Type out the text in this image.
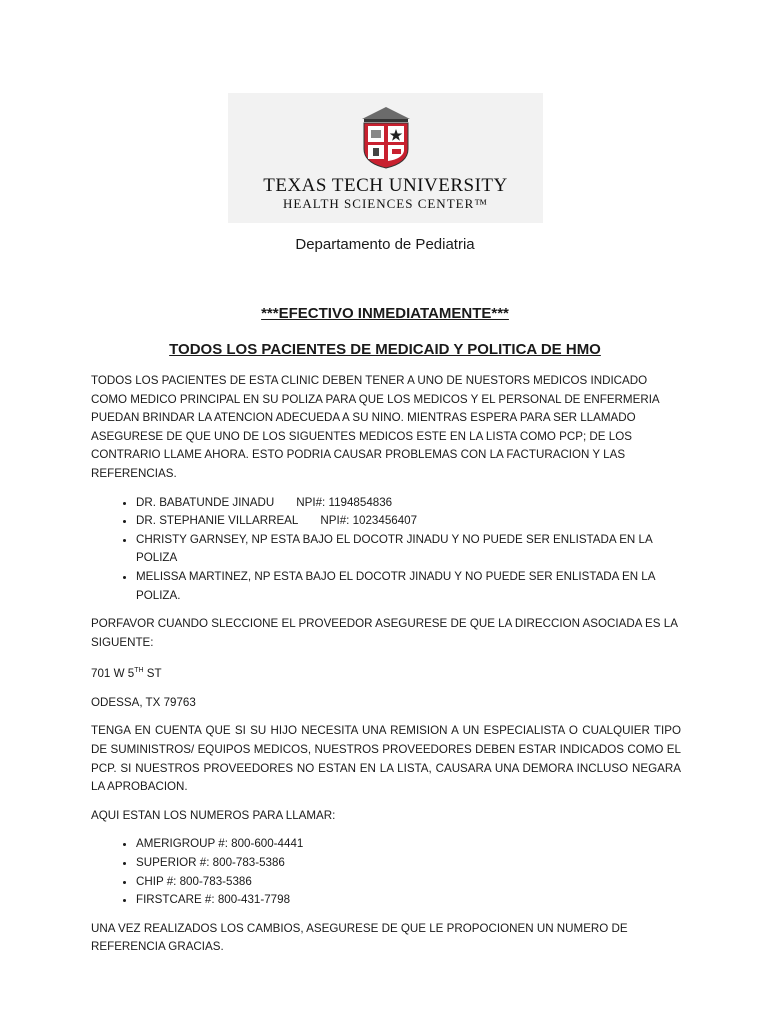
TEXAS TECH UNIVERSITY
HEALTH SCIENCES CENTER™
Departamento de Pediatria
***EFECTIVO INMEDIATAMENTE***
TODOS LOS PACIENTES DE MEDICAID Y POLITICA DE HMO

TODOS LOS PACIENTES DE ESTA CLINIC DEBEN TENER A UNO DE NUESTORS MEDICOS INDICADO COMO MEDICO PRINCIPAL EN SU POLIZA PARA QUE LOS MEDICOS Y EL PERSONAL DE ENFERMERIA PUEDAN BRINDAR LA ATENCION ADECUEDA A SU NINO. MIENTRAS ESPERA PARA SER LLAMADO ASEGURESE DE QUE UNO DE LOS SIGUENTES MEDICOS ESTE EN LA LISTA COMO PCP; DE LOS CONTRARIO LLAME AHORA. ESTO PODRIA CAUSAR PROBLEMAS CON LA FACTURACION Y LAS REFERENCIAS.

• DR. BABATUNDE JINADU NPI#: 1194854836
• DR. STEPHANIE VILLARREAL NPI#: 1023456407
• CHRISTY GARNSEY, NP ESTA BAJO EL DOCOTR JINADU Y NO PUEDE SER ENLISTADA EN LA POLIZA
• MELISSA MARTINEZ, NP ESTA BAJO EL DOCOTR JINADU Y NO PUEDE SER ENLISTADA EN LA POLIZA.

PORFAVOR CUANDO SLECCIONE EL PROVEEDOR ASEGURESE DE QUE LA DIRECCION ASOCIADA ES LA SIGUENTE:

701 W 5TH ST

ODESSA, TX 79763

TENGA EN CUENTA QUE SI SU HIJO NECESITA UNA REMISION A UN ESPECIALISTA O CUALQUIER TIPO DE SUMINISTROS/ EQUIPOS MEDICOS, NUESTROS PROVEEDORES DEBEN ESTAR INDICADOS COMO EL PCP. SI NUESTROS PROVEEDORES NO ESTAN EN LA LISTA, CAUSARA UNA DEMORA INCLUSO NEGARA LA APROBACION.

AQUI ESTAN LOS NUMEROS PARA LLAMAR:

• AMERIGROUP #: 800-600-4441
• SUPERIOR #: 800-783-5386
• CHIP #: 800-783-5386
• FIRSTCARE #: 800-431-7798

UNA VEZ REALIZADOS LOS CAMBIOS, ASEGURESE DE QUE LE PROPOCIONEN UN NUMERO DE REFERENCIA GRACIAS.
